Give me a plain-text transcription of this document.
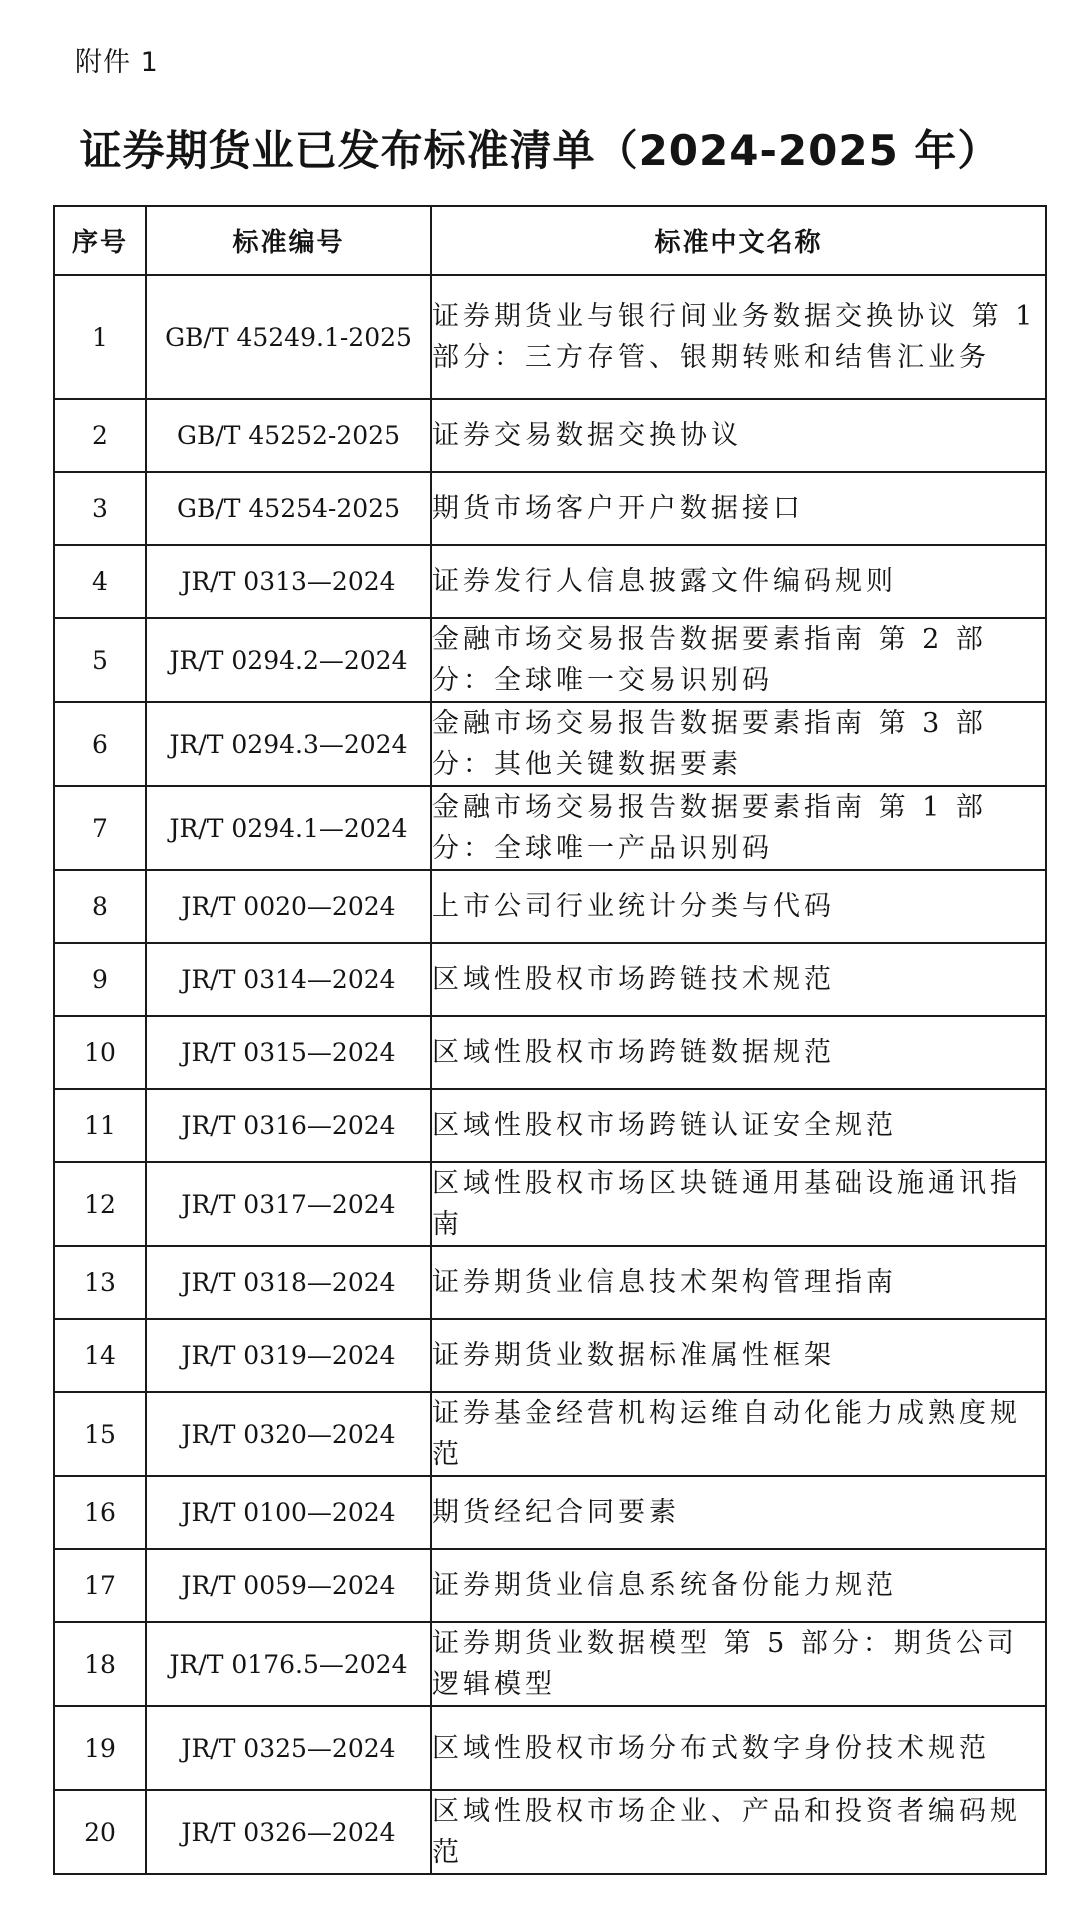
附件 1
证券期货业已发布标准清单（2024-2025 年）
序号	标准编号	标准中文名称
1	GB/T 45249.1-2025	证券期货业与银行间业务数据交换协议 第 1 部分：三方存管、银期转账和结售汇业务
2	GB/T 45252-2025	证券交易数据交换协议
3	GB/T 45254-2025	期货市场客户开户数据接口
4	JR/T 0313—2024	证券发行人信息披露文件编码规则
5	JR/T 0294.2—2024	金融市场交易报告数据要素指南 第 2 部分：全球唯一交易识别码
6	JR/T 0294.3—2024	金融市场交易报告数据要素指南 第 3 部分：其他关键数据要素
7	JR/T 0294.1—2024	金融市场交易报告数据要素指南 第 1 部分：全球唯一产品识别码
8	JR/T 0020—2024	上市公司行业统计分类与代码
9	JR/T 0314—2024	区域性股权市场跨链技术规范
10	JR/T 0315—2024	区域性股权市场跨链数据规范
11	JR/T 0316—2024	区域性股权市场跨链认证安全规范
12	JR/T 0317—2024	区域性股权市场区块链通用基础设施通讯指南
13	JR/T 0318—2024	证券期货业信息技术架构管理指南
14	JR/T 0319—2024	证券期货业数据标准属性框架
15	JR/T 0320—2024	证券基金经营机构运维自动化能力成熟度规范
16	JR/T 0100—2024	期货经纪合同要素
17	JR/T 0059—2024	证券期货业信息系统备份能力规范
18	JR/T 0176.5—2024	证券期货业数据模型 第 5 部分：期货公司逻辑模型
19	JR/T 0325—2024	区域性股权市场分布式数字身份技术规范
20	JR/T 0326—2024	区域性股权市场企业、产品和投资者编码规范
